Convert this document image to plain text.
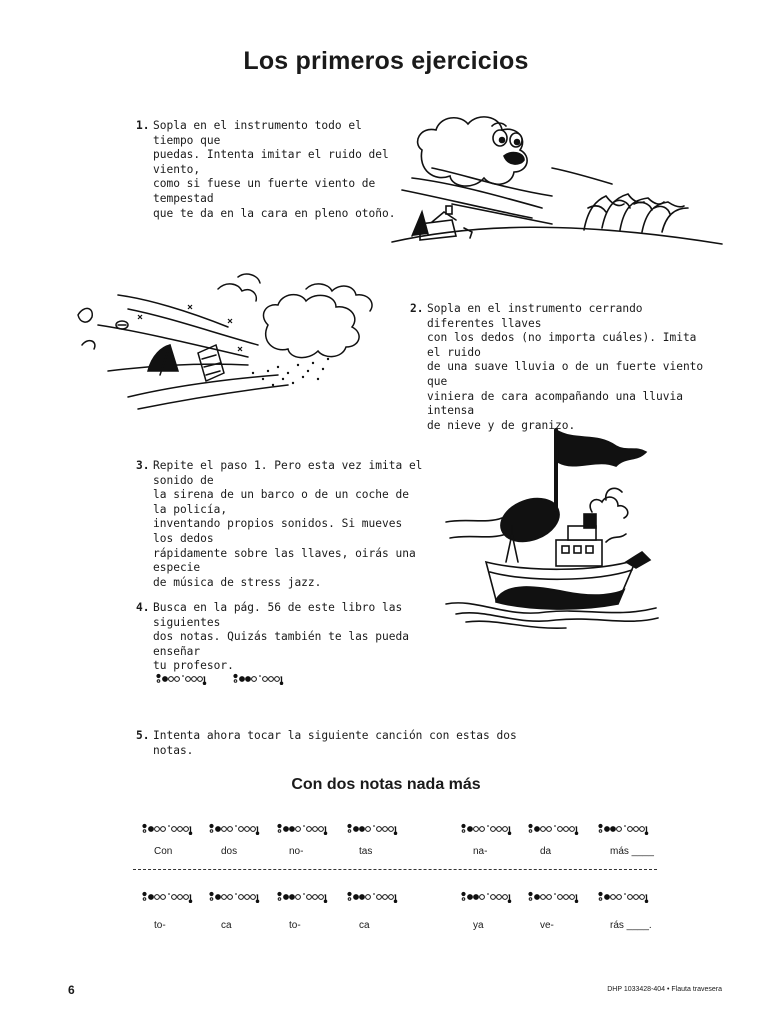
Los primeros ejercicios
1. Sopla en el instrumento todo el tiempo que
puedas. Intenta imitar el ruido del viento,
como si fuese un fuerte viento de tempestad
que te da en la cara en pleno otoño.
2. Sopla en el instrumento cerrando diferentes llaves
con los dedos (no importa cuáles). Imita el ruido
de una suave lluvia o de un fuerte viento que
viniera de cara acompañando una lluvia intensa
de nieve y de granizo.
3. Repite el paso 1. Pero esta vez imita el sonido de
la sirena de un barco o de un coche de la policía,
inventando propios sonidos. Si mueves los dedos
rápidamente sobre las llaves, oirás una especie
de música de stress jazz.
4. Busca en la pág. 56 de este libro las siguientes
dos notas. Quizás también te las pueda enseñar
tu profesor.
5. Intenta ahora tocar la siguiente canción con estas dos notas.
Con dos notas nada más
Con	dos	no-	tas	na-	da	más ____
to-	ca	to-	ca	ya	ve-	rás ____.
6	DHP 1033428-404 • Flauta travesera
